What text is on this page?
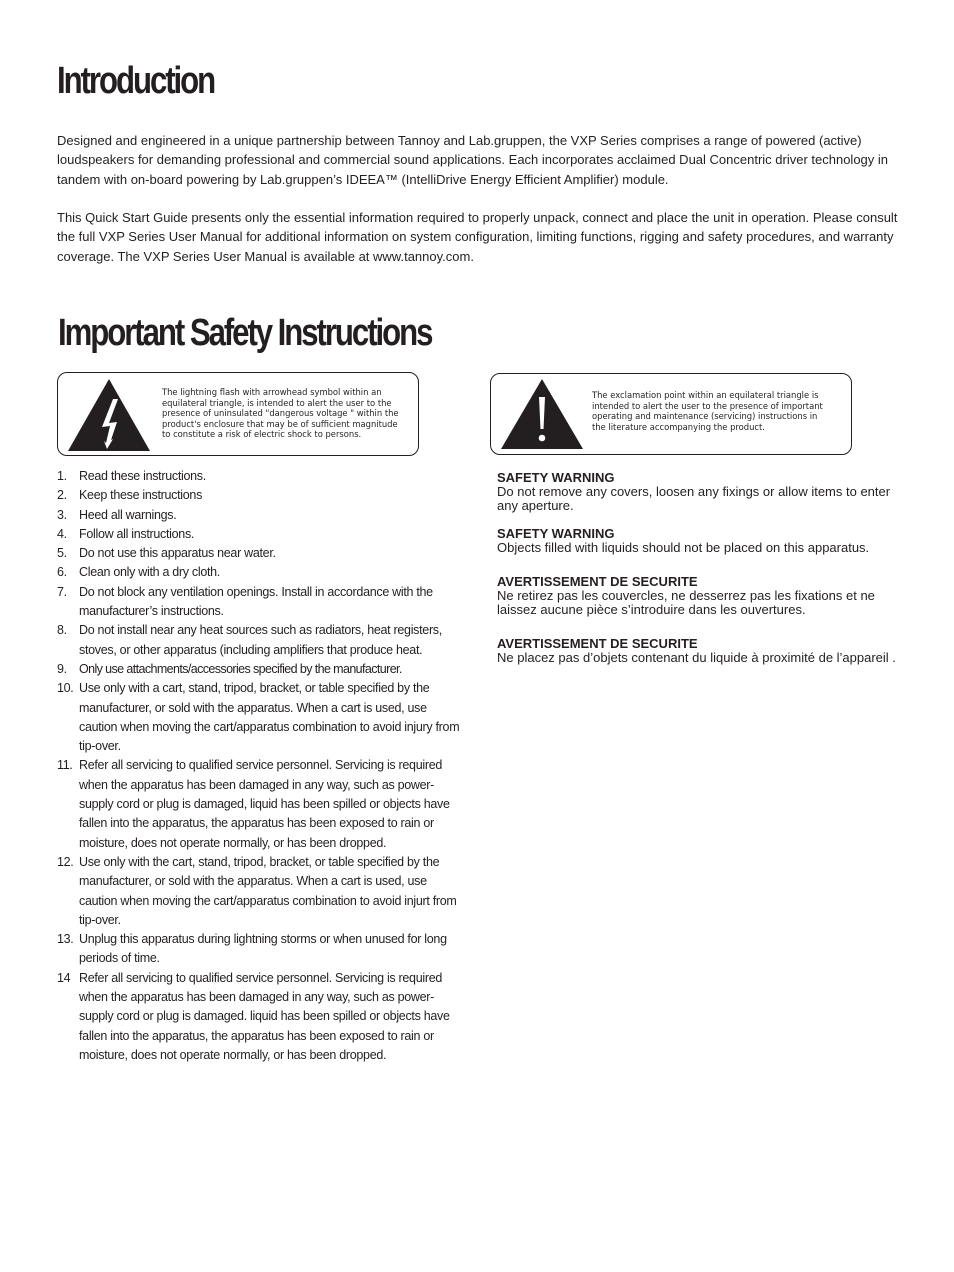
Introduction

Designed and engineered in a unique partnership between Tannoy and Lab.gruppen, the VXP Series comprises a range of powered (active) loudspeakers for demanding professional and commercial sound applications. Each incorporates acclaimed Dual Concentric driver technology in tandem with on-board powering by Lab.gruppen’s IDEEA™ (IntelliDrive Energy Efficient Amplifier) module.

This Quick Start Guide presents only the essential information required to properly unpack, connect and place the unit in operation. Please consult the full VXP Series User Manual for additional information on system configuration, limiting functions, rigging and safety procedures, and warranty coverage. The VXP Series User Manual is available at www.tannoy.com.

Important Safety Instructions
The lightning flash with arrowhead symbol within an equilateral triangle, is intended to alert the user to the presence of uninsulated "dangerous voltage " within the product's enclosure that may be of sufficient magnitude to constitute a risk of electric shock to persons.
The exclamation point within an equilateral triangle is intended to alert the user to the presence of important operating and maintenance (servicing) instructions in the literature accompanying the product.
1. Read these instructions.
2. Keep these instructions
3. Heed all warnings.
4. Follow all instructions.
5. Do not use this apparatus near water.
6. Clean only with a dry cloth.
7. Do not block any ventilation openings. Install in accordance with the manufacturer’s instructions.
8. Do not install near any heat sources such as radiators, heat registers, stoves, or other apparatus (including amplifiers that produce heat.
9. Only use attachments/accessories specified by the manufacturer.
10. Use only with a cart, stand, tripod, bracket, or table specified by the manufacturer, or sold with the apparatus. When a cart is used, use caution when moving the cart/apparatus combination to avoid injury from tip-over.
11. Refer all servicing to qualified service personnel. Servicing is required when the apparatus has been damaged in any way, such as power-supply cord or plug is damaged, liquid has been spilled or objects have fallen into the apparatus, the apparatus has been exposed to rain or moisture, does not operate normally, or has been dropped.
12. Use only with the cart, stand, tripod, bracket, or table specified by the manufacturer, or sold with the apparatus. When a cart is used, use caution when moving the cart/apparatus combination to avoid injurt from tip-over.
13. Unplug this apparatus during lightning storms or when unused for long periods of time.
14 Refer all servicing to qualified service personnel. Servicing is required when the apparatus has been damaged in any way, such as power-supply cord or plug is damaged. liquid has been spilled or objects have fallen into the apparatus, the apparatus has been exposed to rain or moisture, does not operate normally, or has been dropped.
SAFETY WARNING
Do not remove any covers, loosen any fixings or allow items to enter any aperture.
SAFETY WARNING
Objects filled with liquids should not be placed on this apparatus.
AVERTISSEMENT DE SECURITE
Ne retirez pas les couvercles, ne desserrez pas les fixations et ne laissez aucune pièce s’introduire dans les ouvertures.
AVERTISSEMENT DE SECURITE
Ne placez pas d’objets contenant du liquide à proximité de l’appareil .
